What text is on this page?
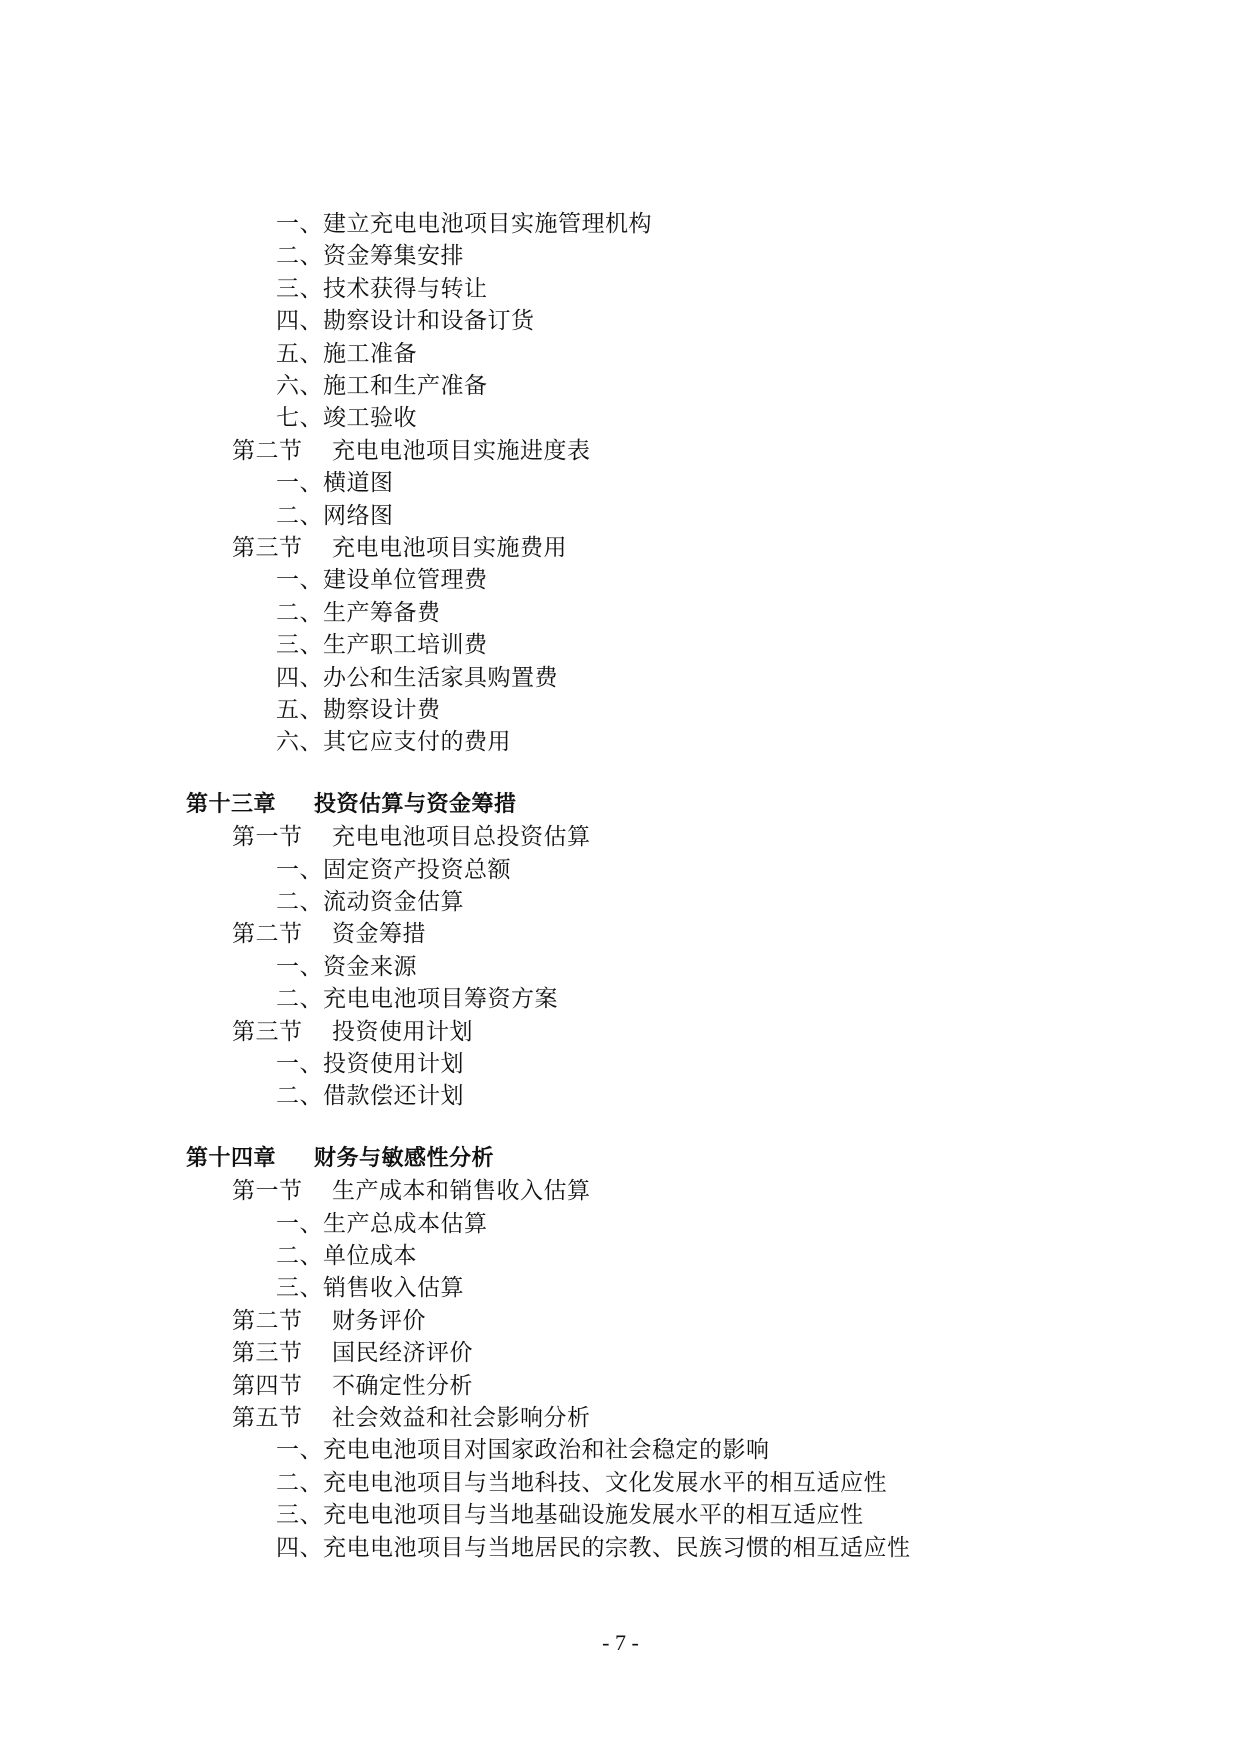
一、建立充电电池项目实施管理机构
二、资金筹集安排
三、技术获得与转让
四、勘察设计和设备订货
五、施工准备
六、施工和生产准备
七、竣工验收
第二节 充电电池项目实施进度表
一、横道图
二、网络图
第三节 充电电池项目实施费用
一、建设单位管理费
二、生产筹备费
三、生产职工培训费
四、办公和生活家具购置费
五、勘察设计费
六、其它应支付的费用
第十三章 投资估算与资金筹措
第一节 充电电池项目总投资估算
一、固定资产投资总额
二、流动资金估算
第二节 资金筹措
一、资金来源
二、充电电池项目筹资方案
第三节 投资使用计划
一、投资使用计划
二、借款偿还计划
第十四章 财务与敏感性分析
第一节 生产成本和销售收入估算
一、生产总成本估算
二、单位成本
三、销售收入估算
第二节 财务评价
第三节 国民经济评价
第四节 不确定性分析
第五节 社会效益和社会影响分析
一、充电电池项目对国家政治和社会稳定的影响
二、充电电池项目与当地科技、文化发展水平的相互适应性
三、充电电池项目与当地基础设施发展水平的相互适应性
四、充电电池项目与当地居民的宗教、民族习惯的相互适应性
- 7 -
